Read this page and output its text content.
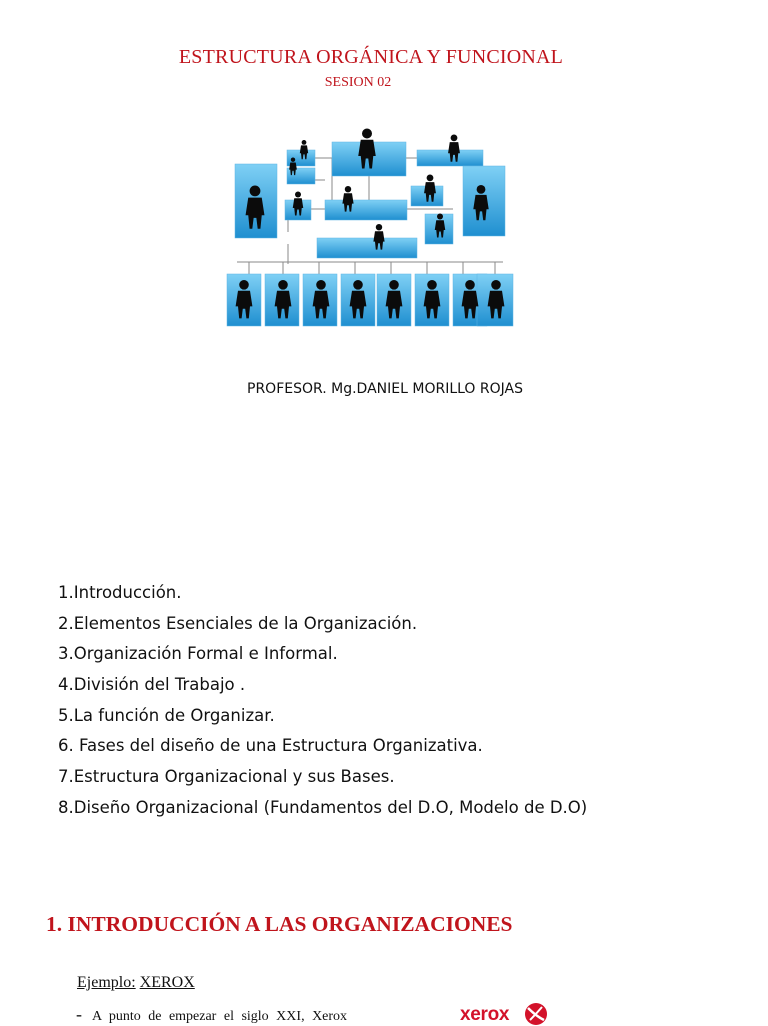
ESTRUCTURA ORGÁNICA Y FUNCIONAL
SESION 02
PROFESOR. Mg.DANIEL MORILLO ROJAS
1.Introducción.
2.Elementos Esenciales de la Organización.
3.Organización Formal e Informal.
4.División del Trabajo .
5.La función de Organizar.
6. Fases del diseño de una Estructura Organizativa.
7.Estructura Organizacional y sus Bases.
8.Diseño Organizacional (Fundamentos del D.O, Modelo de D.O)
1. INTRODUCCIÓN A LAS ORGANIZACIONES
Ejemplo: XEROX
- A punto de empezar el siglo XXI, Xerox	xerox
